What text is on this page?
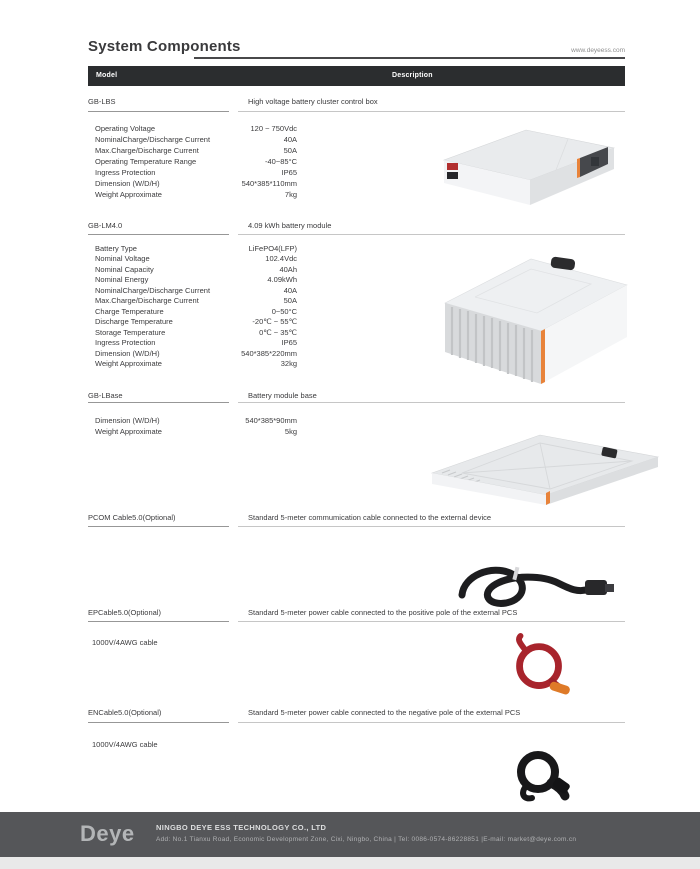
System Components	www.deyeess.com
Model	Description
GB-LBS	High voltage battery cluster control box
Operating Voltage	120 ~ 750Vdc
NominalCharge/Discharge Current	40A
Max.Charge/Discharge Current	50A
Operating Temperature Range	-40~85°C
Ingress Protection	IP65
Dimension (W/D/H)	540*385*110mm
Weight Approximate	7kg
GB-LM4.0	4.09 kWh battery module
Battery Type	LiFePO4(LFP)
Nominal Voltage	102.4Vdc
Nominal Capacity	40Ah
Nominal Energy	4.09kWh
NominalCharge/Discharge Current	40A
Max.Charge/Discharge Current	50A
Charge Temperature	0~50°C
Discharge Temperature	-20℃ ~ 55℃
Storage Temperature	0℃ ~ 35℃
Ingress Protection	IP65
Dimension (W/D/H)	540*385*220mm
Weight Approximate	32kg
GB-LBase	Battery module base
Dimension (W/D/H)	540*385*90mm
Weight Approximate	5kg
PCOM Cable5.0(Optional)	Standard 5-meter commumication cable connected to the external device
EPCable5.0(Optional)	Standard 5-meter power cable connected to the positive pole of the external PCS
1000V/4AWG cable
ENCable5.0(Optional)	Standard 5-meter power cable connected to the negative pole of the external PCS
1000V/4AWG cable
Deye	NINGBO DEYE ESS TECHNOLOGY CO., LTD
Add: No.1 Tianxu Road, Economic Development Zone, Cixi, Ningbo, China | Tel: 0086-0574-86228851 |E-mail: market@deye.com.cn
